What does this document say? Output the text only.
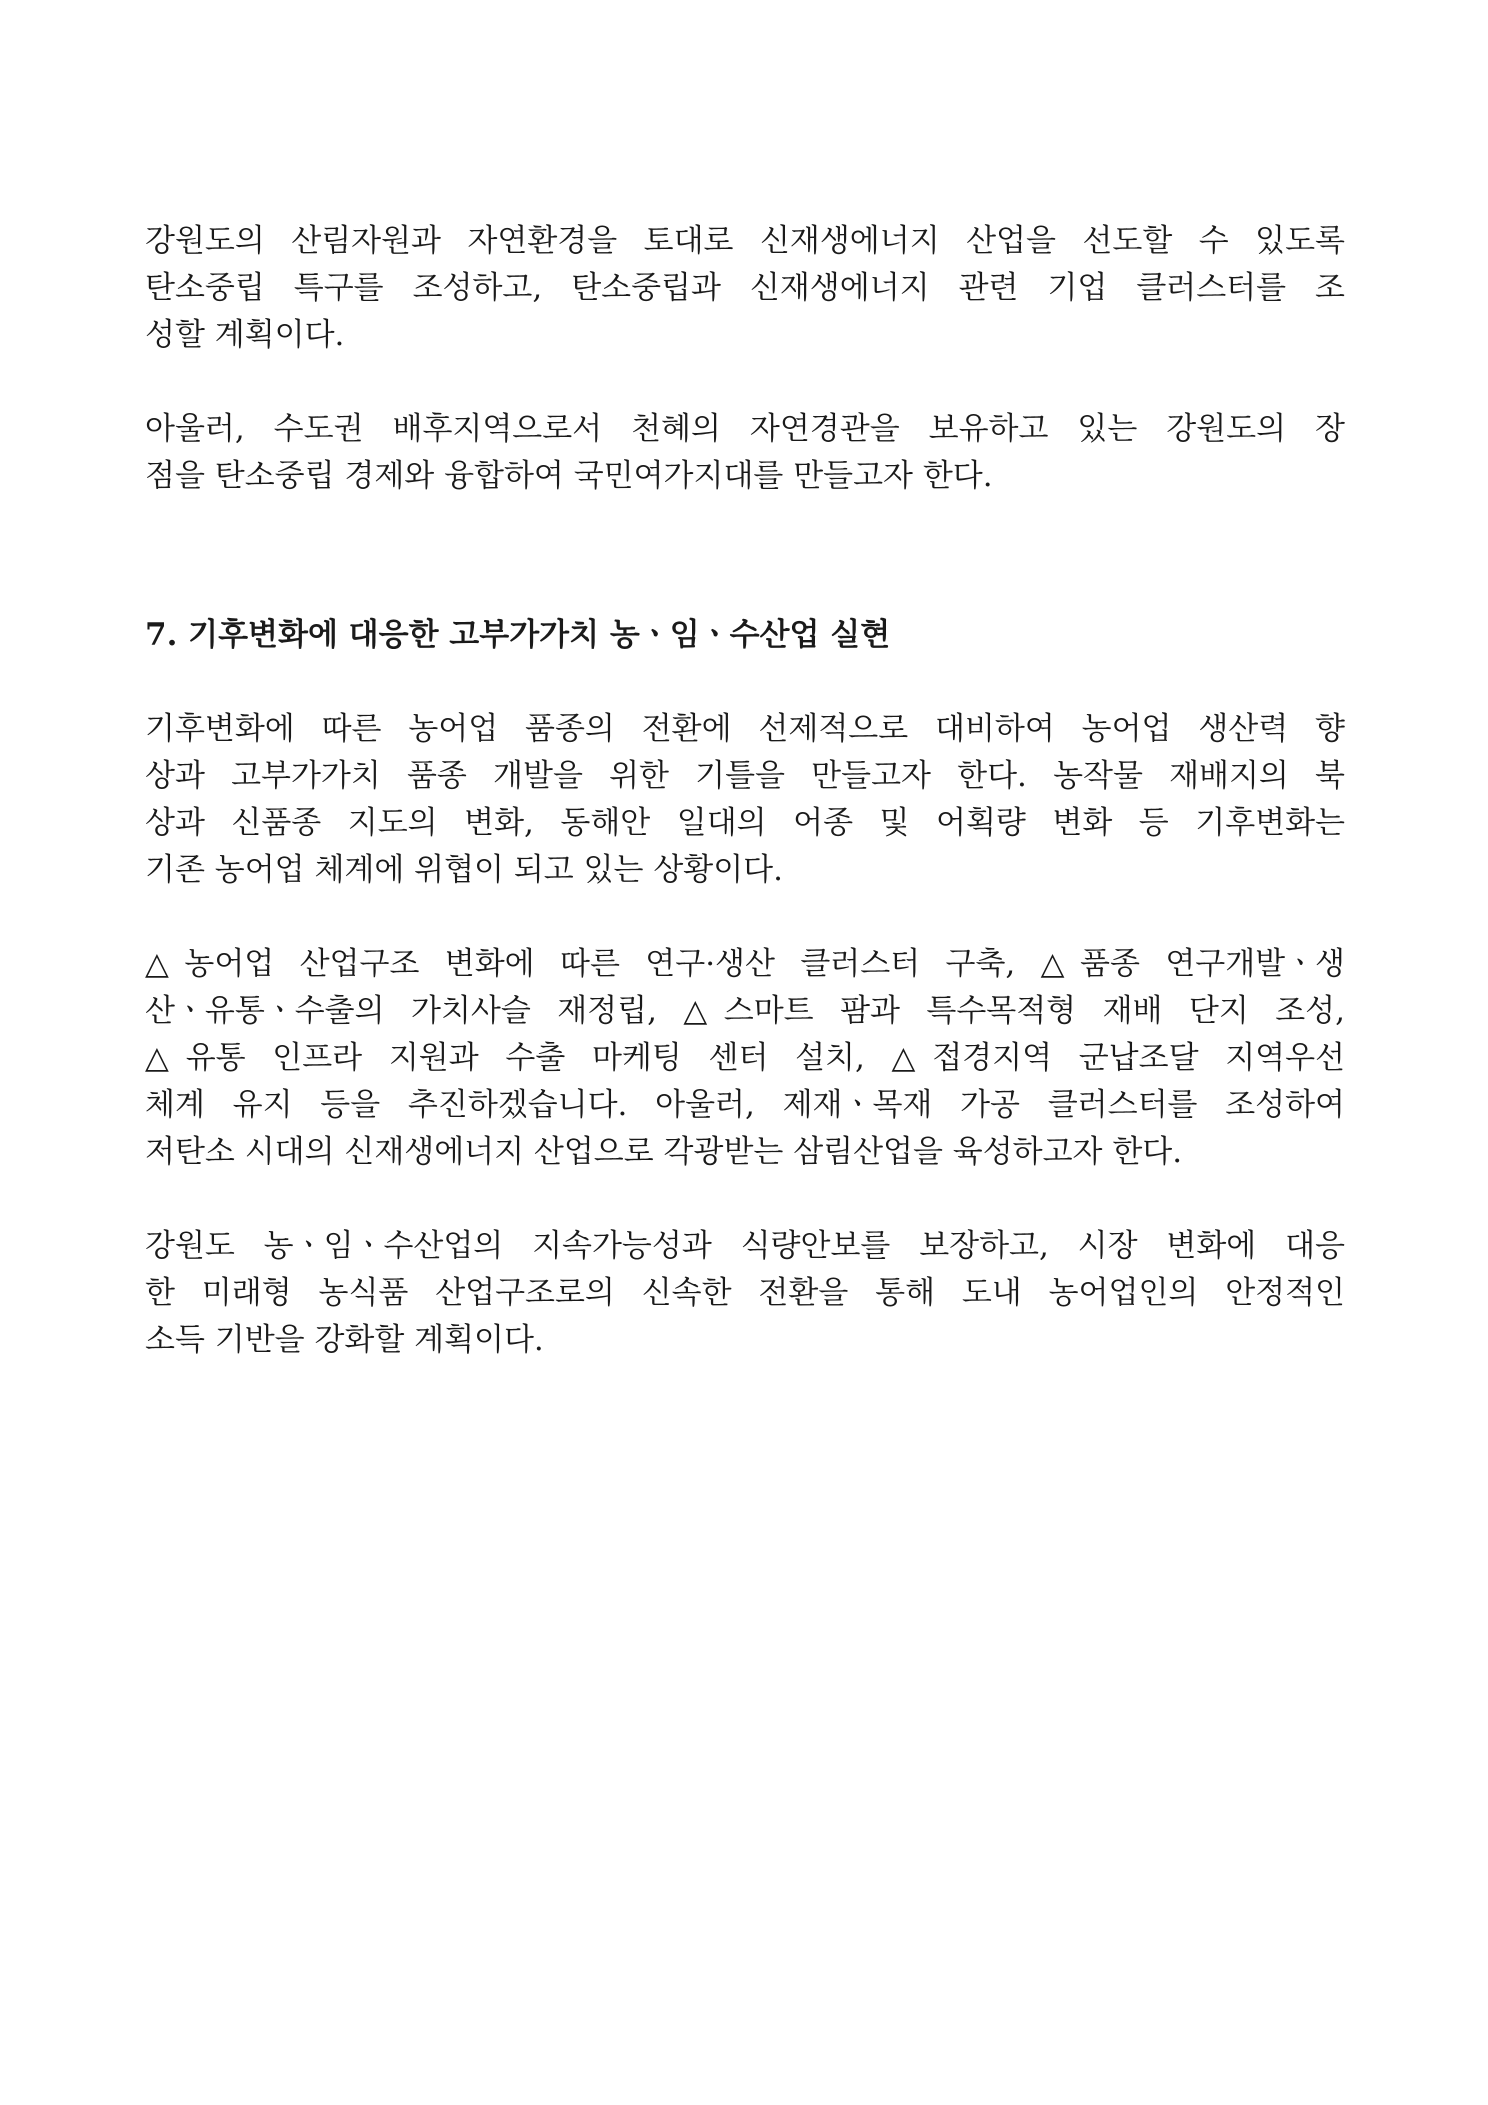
강원도의 산림자원과 자연환경을 토대로 신재생에너지 산업을 선도할 수 있도록
탄소중립 특구를 조성하고, 탄소중립과 신재생에너지 관련 기업 클러스터를 조
성할 계획이다.

아울러, 수도권 배후지역으로서 천혜의 자연경관을 보유하고 있는 강원도의 장
점을 탄소중립 경제와 융합하여 국민여가지대를 만들고자 한다.

7. 기후변화에 대응한 고부가가치 농ㆍ임ㆍ수산업 실현

기후변화에 따른 농어업 품종의 전환에 선제적으로 대비하여 농어업 생산력 향
상과 고부가가치 품종 개발을 위한 기틀을 만들고자 한다. 농작물 재배지의 북
상과 신품종 지도의 변화, 동해안 일대의 어종 및 어획량 변화 등 기후변화는
기존 농어업 체계에 위협이 되고 있는 상황이다.

△농어업 산업구조 변화에 따른 연구·생산 클러스터 구축, △품종 연구개발ㆍ생
산ㆍ유통ㆍ수출의 가치사슬 재정립, △스마트 팜과 특수목적형 재배 단지 조성,
△유통 인프라 지원과 수출 마케팅 센터 설치, △접경지역 군납조달 지역우선
체계 유지 등을 추진하겠습니다. 아울러, 제재ㆍ목재 가공 클러스터를 조성하여
저탄소 시대의 신재생에너지 산업으로 각광받는 삼림산업을 육성하고자 한다.

강원도 농ㆍ임ㆍ수산업의 지속가능성과 식량안보를 보장하고, 시장 변화에 대응
한 미래형 농식품 산업구조로의 신속한 전환을 통해 도내 농어업인의 안정적인
소득 기반을 강화할 계획이다.
